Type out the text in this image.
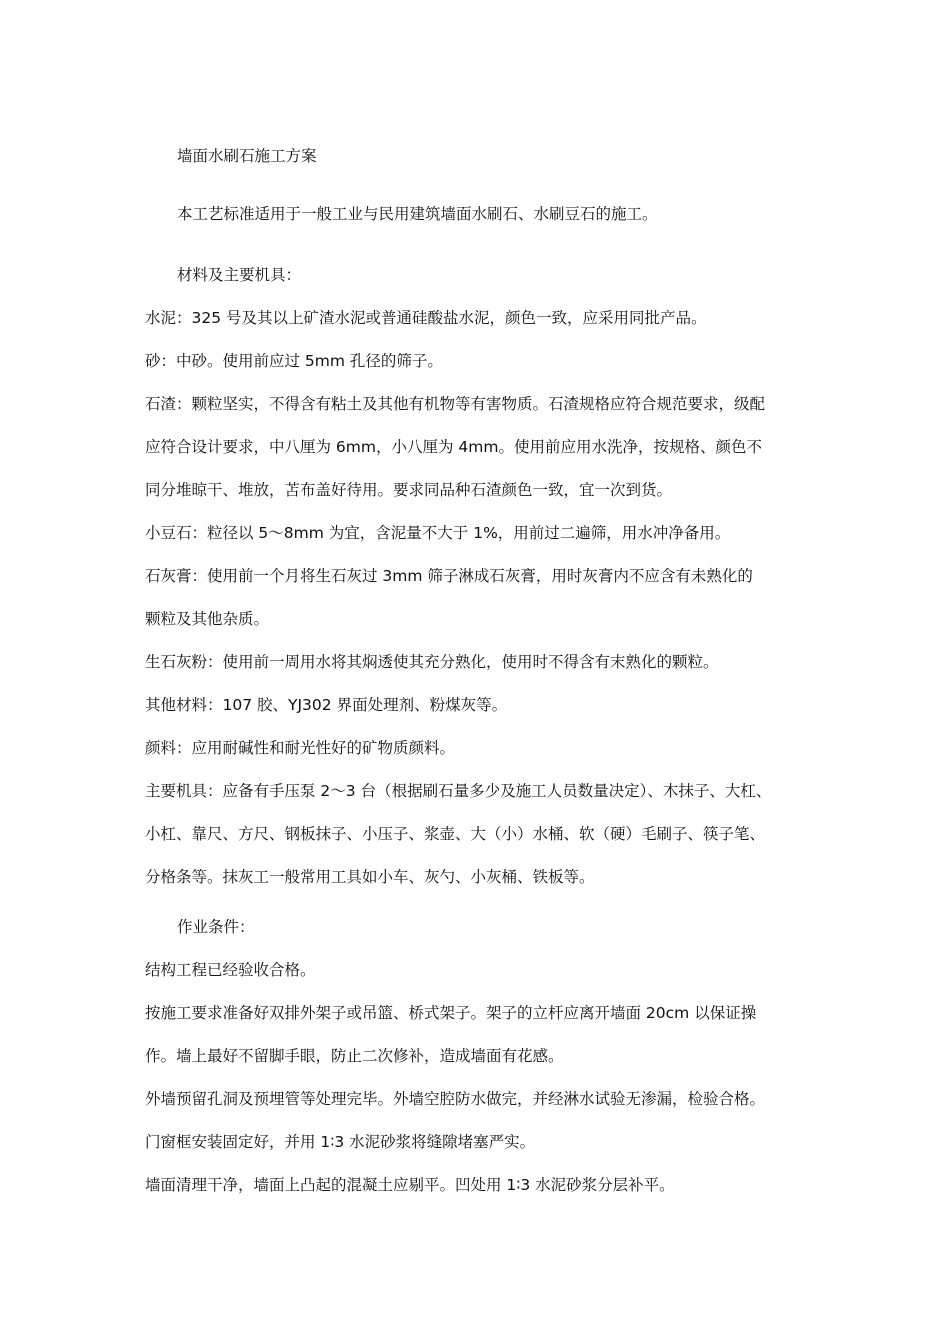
墙面水刷石施工方案

本工艺标准适用于一般工业与民用建筑墙面水刷石、水刷豆石的施工。

材料及主要机具：

水泥：325 号及其以上矿渣水泥或普通硅酸盐水泥，颜色一致，应采用同批产品。

砂：中砂。使用前应过 5mm 孔径的筛子。

石渣：颗粒坚实，不得含有粘土及其他有机物等有害物质。石渣规格应符合规范要求，级配

应符合设计要求，中八厘为 6mm，小八厘为 4mm。使用前应用水洗净，按规格、颜色不

同分堆晾干、堆放，苫布盖好待用。要求同品种石渣颜色一致，宜一次到货。

小豆石：粒径以 5～8mm 为宜，含泥量不大于 1%，用前过二遍筛，用水冲净备用。

石灰膏：使用前一个月将生石灰过 3mm 筛子淋成石灰膏，用时灰膏内不应含有未熟化的

颗粒及其他杂质。

生石灰粉：使用前一周用水将其焖透使其充分熟化，使用时不得含有末熟化的颗粒。

其他材料：107 胶、YJ302 界面处理剂、粉煤灰等。

颜料：应用耐碱性和耐光性好的矿物质颜料。

主要机具：应备有手压泵 2～3 台（根据刷石量多少及施工人员数量决定）、木抹子、大杠、

小杠、靠尺、方尺、钢板抹子、小压子、浆壶、大（小）水桶、软（硬）毛刷子、筷子笔、

分格条等。抹灰工一般常用工具如小车、灰勺、小灰桶、铁板等。

作业条件：

结构工程已经验收合格。

按施工要求准备好双排外架子或吊篮、桥式架子。架子的立杆应离开墙面 20cm 以保证操

作。墙上最好不留脚手眼，防止二次修补，造成墙面有花感。

外墙预留孔洞及预埋管等处理完毕。外墙空腔防水做完，并经淋水试验无渗漏，检验合格。

门窗框安装固定好，并用 1∶3 水泥砂浆将缝隙堵塞严实。

墙面清理干净，墙面上凸起的混凝土应剔平。凹处用 1∶3 水泥砂浆分层补平。
